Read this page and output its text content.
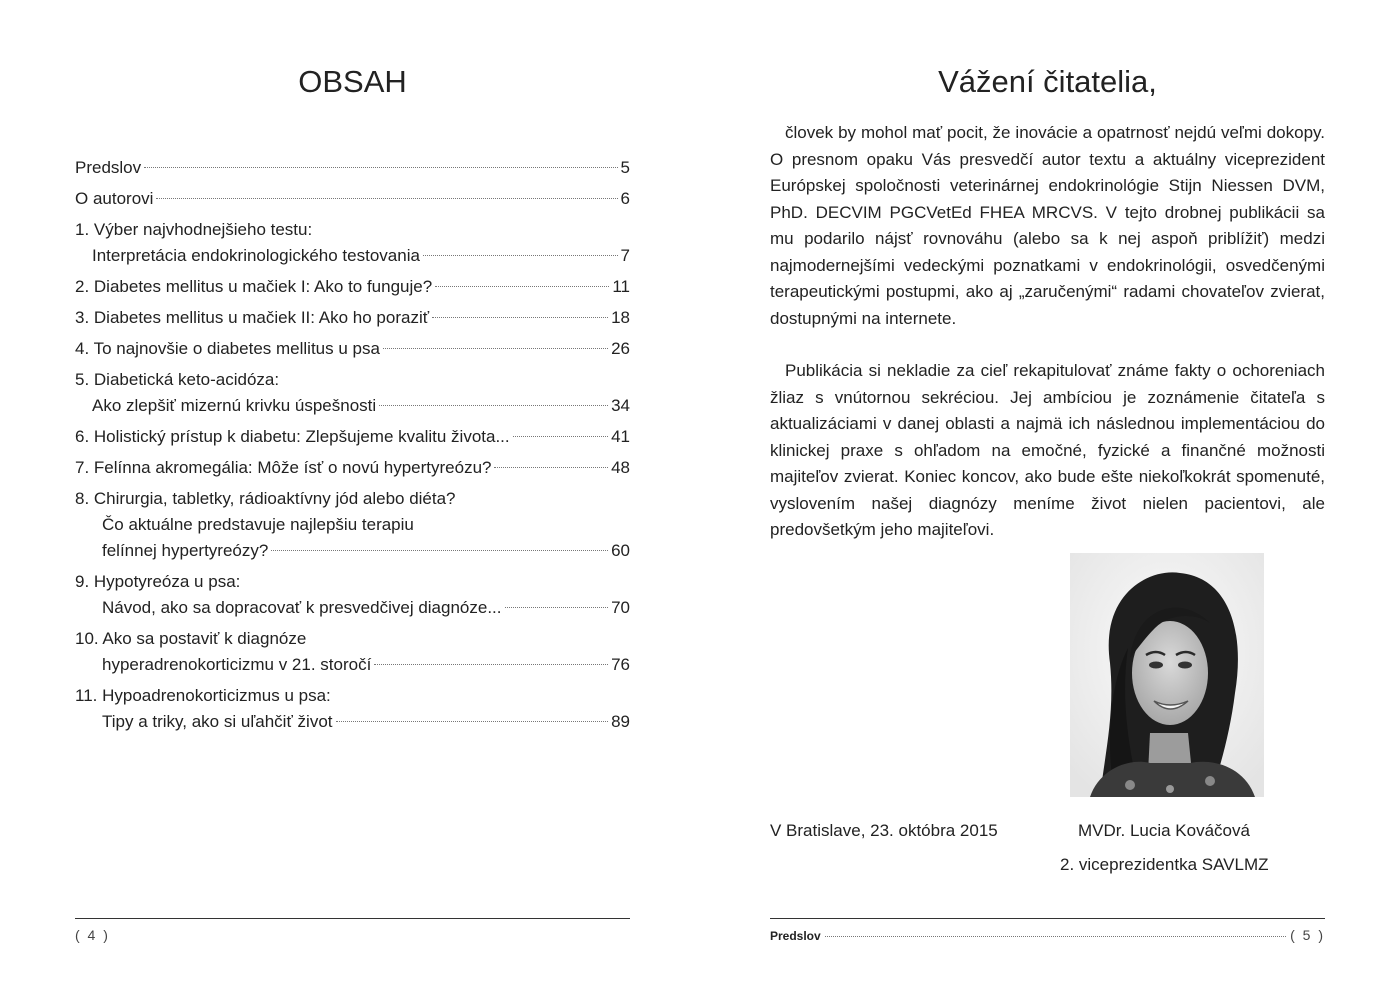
OBSAH
Predslov	5
O autorovi	6
1. Výber najvhodnejšieho testu:
Interpretácia endokrinologického testovania	7
2. Diabetes mellitus u mačiek I: Ako to funguje?	11
3. Diabetes mellitus u mačiek II: Ako ho poraziť	18
4. To najnovšie o diabetes mellitus u psa	26
5. Diabetická keto-acidóza:
Ako zlepšiť mizernú krivku úspešnosti	34
6. Holistický prístup k diabetu: Zlepšujeme kvalitu života...	41
7. Felínna akromegália: Môže ísť o novú hypertyreózu?	48
8. Chirurgia, tabletky, rádioaktívny jód alebo diéta?
Čo aktuálne predstavuje najlepšiu terapiu
felínnej hypertyreózy?	60
9. Hypotyreóza u psa:
Návod, ako sa dopracovať k presvedčivej diagnóze...	70
10. Ako sa postaviť k diagnóze
hyperadrenokorticizmu v 21. storočí	76
11. Hypoadrenokorticizmus u psa:
Tipy a triky, ako si uľahčiť život	89
( 4 )
Vážení čitatelia,

človek by mohol mať pocit, že inovácie a opatrnosť nejdú veľmi dokopy. O presnom opaku Vás presvedčí autor textu a aktuálny viceprezident Európskej spoločnosti veterinárnej endokrinológie Stijn Niessen DVM, PhD. DECVIM PGCVetEd FHEA MRCVS. V tejto drobnej publikácii sa mu podarilo nájsť rovnováhu (alebo sa k nej aspoň priblížiť) medzi najmodernejšími vedeckými poznatkami v endokrinológii, osvedčenými terapeutickými postupmi, ako aj „zaručenými“ radami chovateľov zvierat, dostupnými na internete.

Publikácia si nekladie za cieľ rekapitulovať známe fakty o ochoreniach žliaz s vnútornou sekréciou. Jej ambíciou je zoznámenie čitateľa s aktualizáciami v danej oblasti a najmä ich následnou implementáciou do klinickej praxe s ohľadom na emočné, fyzické a finančné možnosti majiteľov zvierat. Koniec koncov, ako bude ešte niekoľkokrát spomenuté, vyslovením našej diagnózy meníme život nielen pacientovi, ale predovšetkým jeho majiteľovi.

V Bratislave, 23. októbra 2015	MVDr. Lucia Kováčová
2. viceprezidentka SAVLMZ
Predslov	( 5 )
